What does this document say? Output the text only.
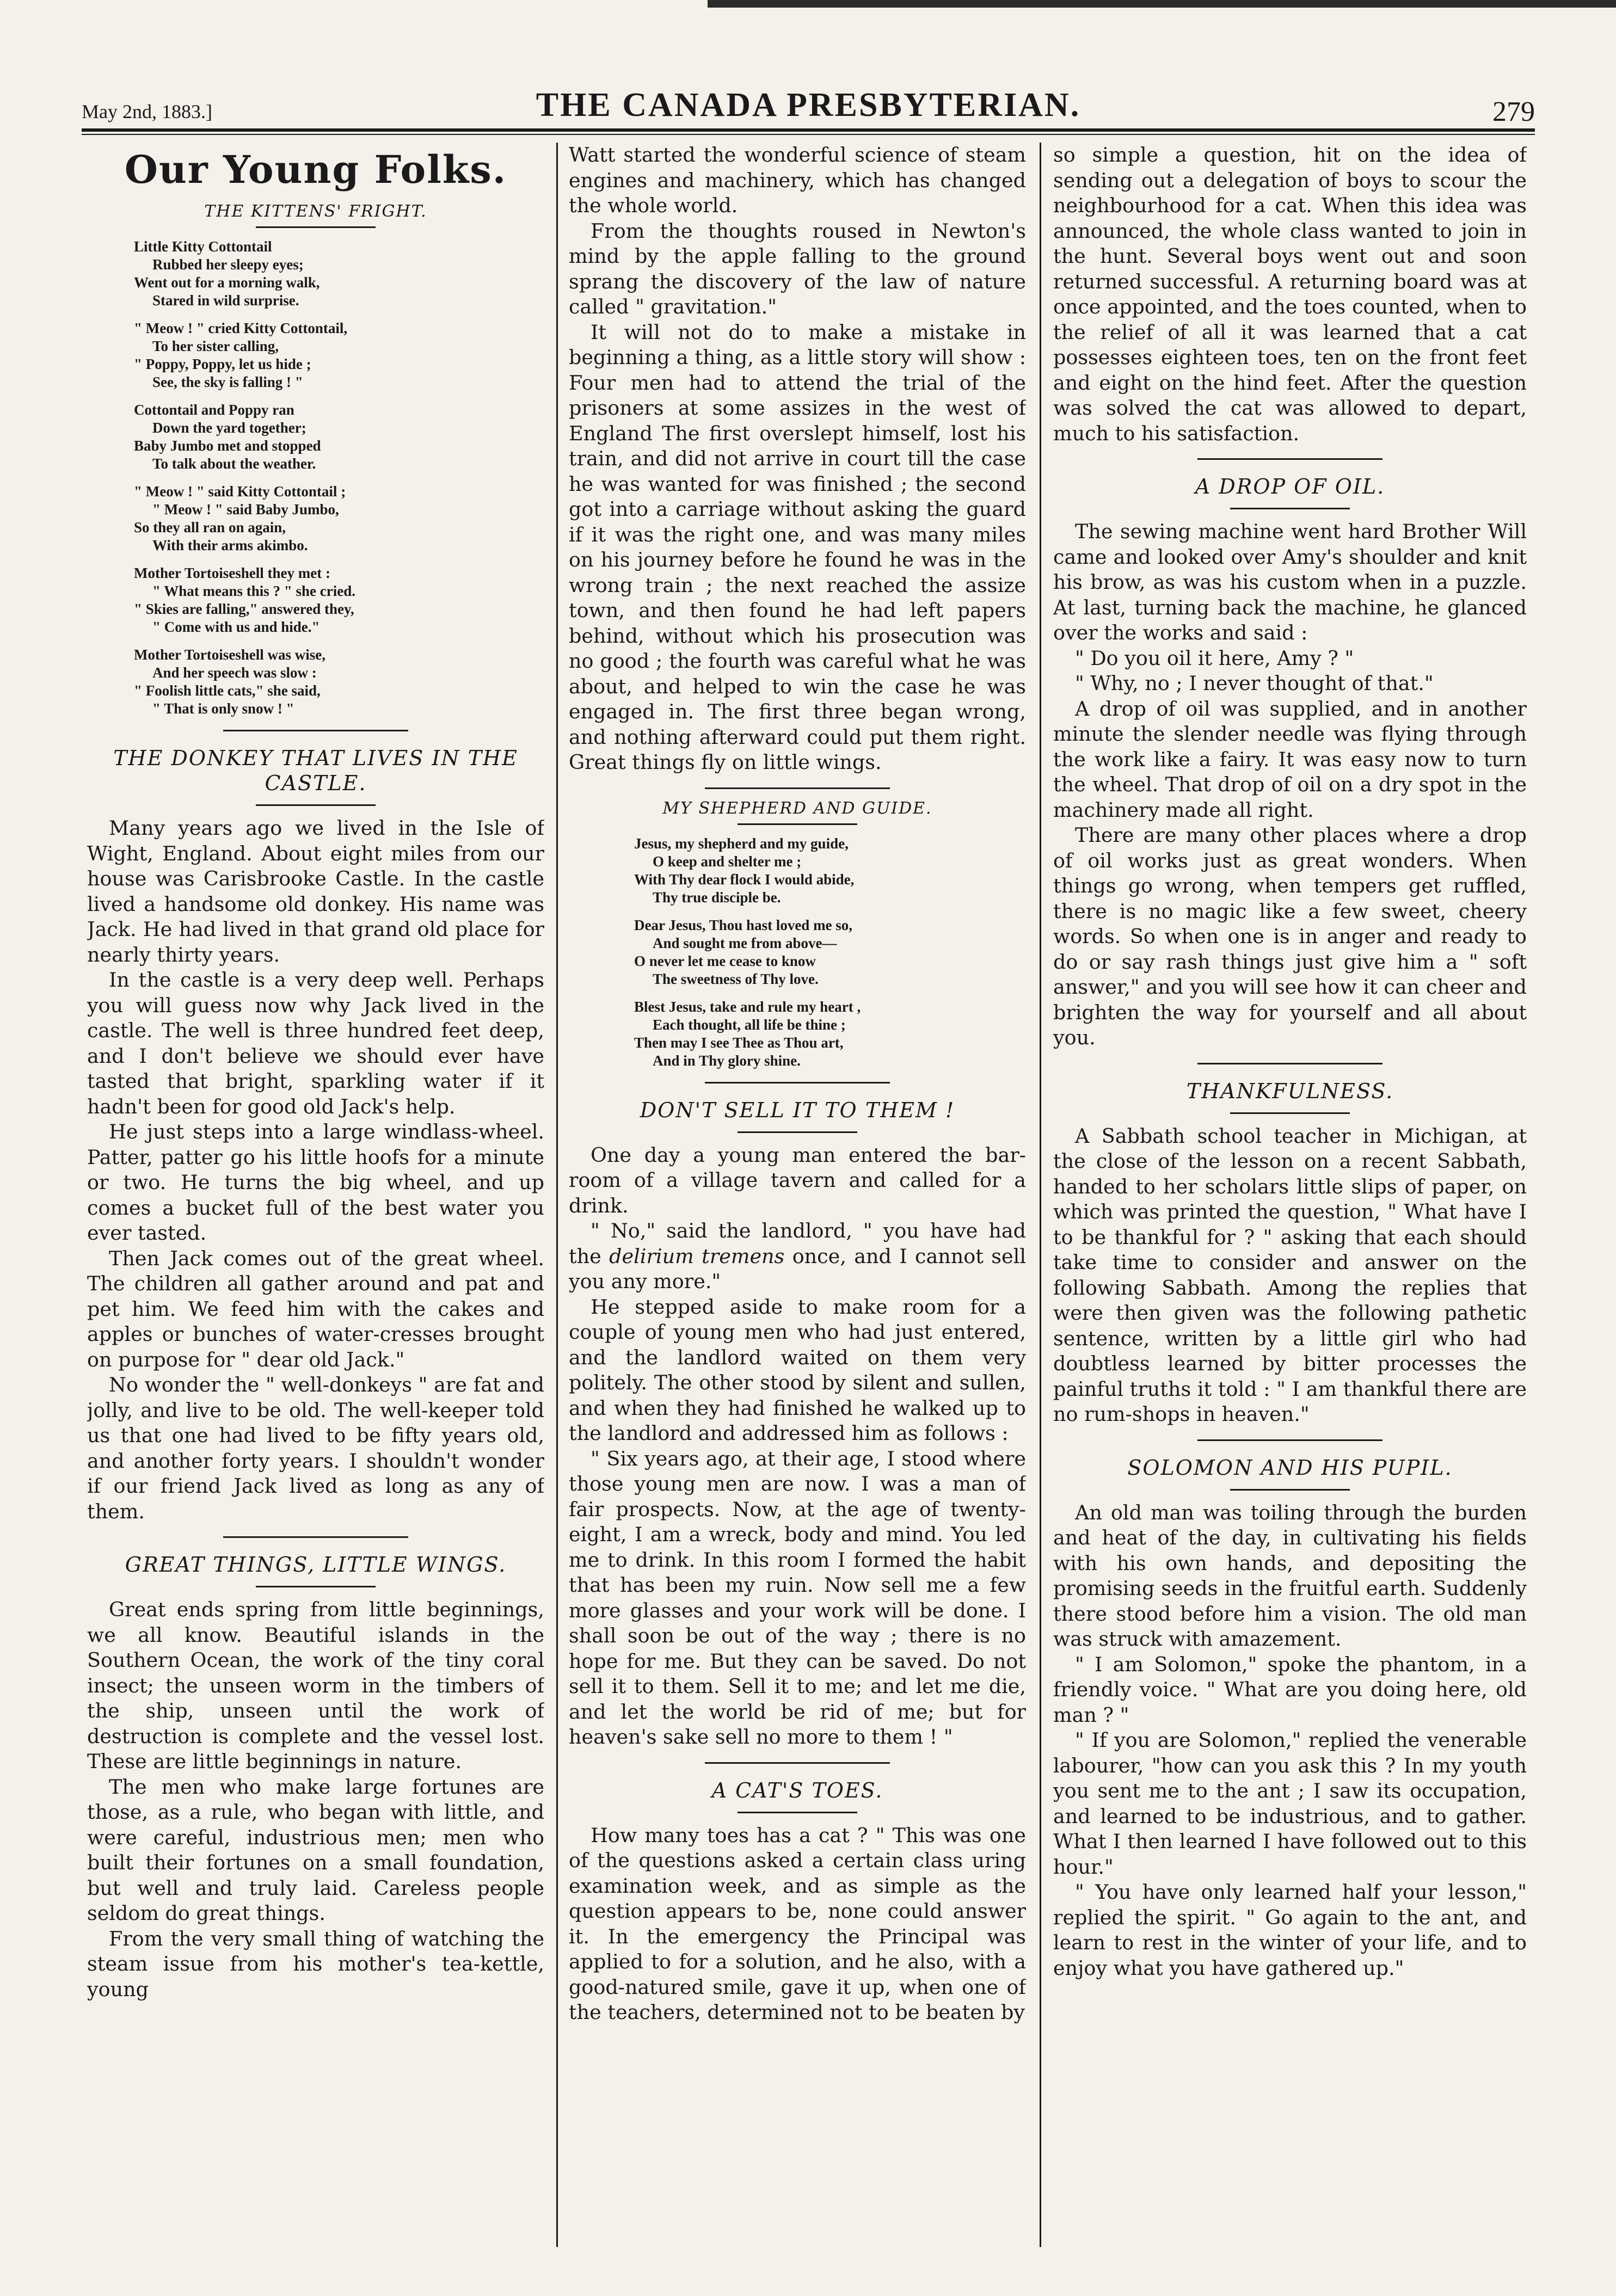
May 2nd, 1883.]	THE CANADA PRESBYTERIAN.	279
Our Young Folks.
THE KITTENS' FRIGHT.
Little Kitty Cottontail
Rubbed her sleepy eyes;
Went out for a morning walk,
Stared in wild surprise.
" Meow ! " cried Kitty Cottontail,
To her sister calling,
" Poppy, Poppy, let us hide ;
See, the sky is falling ! "
Cottontail and Poppy ran
Down the yard together;
Baby Jumbo met and stopped
To talk about the weather.
" Meow ! " said Kitty Cottontail ;
" Meow ! " said Baby Jumbo,
So they all ran on again,
With their arms akimbo.
Mother Tortoiseshell they met :
" What means this ? " she cried.
" Skies are falling," answered they,
" Come with us and hide."
Mother Tortoiseshell was wise,
And her speech was slow :
" Foolish little cats," she said,
" That is only snow ! "
THE DONKEY THAT LIVES IN THE CASTLE.

Many years ago we lived in the Isle of Wight, England. About eight miles from our house was Carisbrooke Castle. In the castle lived a handsome old donkey. His name was Jack. He had lived in that grand old place for nearly thirty years.

In the castle is a very deep well. Perhaps you will guess now why Jack lived in the castle. The well is three hundred feet deep, and I don't believe we should ever have tasted that bright, sparkling water if it hadn't been for good old Jack's help.

He just steps into a large windlass-wheel. Patter, patter go his little hoofs for a minute or two. He turns the big wheel, and up comes a bucket full of the best water you ever tasted.

Then Jack comes out of the great wheel. The children all gather around and pat and pet him. We feed him with the cakes and apples or bunches of water-cresses brought on purpose for " dear old Jack."

No wonder the " well-donkeys " are fat and jolly, and live to be old. The well-keeper told us that one had lived to be fifty years old, and another forty years. I shouldn't wonder if our friend Jack lived as long as any of them.

GREAT THINGS, LITTLE WINGS.

Great ends spring from little beginnings, we all know. Beautiful islands in the Southern Ocean, the work of the tiny coral insect; the unseen worm in the timbers of the ship, unseen until the work of destruction is complete and the vessel lost. These are little beginnings in nature.

The men who make large fortunes are those, as a rule, who began with little, and were careful, industrious men; men who built their fortunes on a small foundation, but well and truly laid. Careless people seldom do great things.

From the very small thing of watching the steam issue from his mother's tea-kettle, young

Watt started the wonderful science of steam engines and machinery, which has changed the whole world.

From the thoughts roused in Newton's mind by the apple falling to the ground sprang the discovery of the law of nature called " gravitation."

It will not do to make a mistake in beginning a thing, as a little story will show : Four men had to attend the trial of the prisoners at some assizes in the west of England The first overslept himself, lost his train, and did not arrive in court till the case he was wanted for was finished ; the second got into a carriage without asking the guard if it was the right one, and was many miles on his journey before he found he was in the wrong train ; the next reached the assize town, and then found he had left papers behind, without which his prosecution was no good ; the fourth was careful what he was about, and helped to win the case he was engaged in. The first three began wrong, and nothing afterward could put them right. Great things fly on little wings.

MY SHEPHERD AND GUIDE.
Jesus, my shepherd and my guide,
O keep and shelter me ;
With Thy dear flock I would abide,
Thy true disciple be.
Dear Jesus, Thou hast loved me so,
And sought me from above—
O never let me cease to know
The sweetness of Thy love.
Blest Jesus, take and rule my heart ,
Each thought, all life be thine ;
Then may I see Thee as Thou art,
And in Thy glory shine.
DON'T SELL IT TO THEM !

One day a young man entered the bar-room of a village tavern and called for a drink.

" No," said the landlord, " you have had the delirium tremens once, and I cannot sell you any more."

He stepped aside to make room for a couple of young men who had just entered, and the landlord waited on them very politely. The other stood by silent and sullen, and when they had finished he walked up to the landlord and addressed him as follows :

" Six years ago, at their age, I stood where those young men are now. I was a man of fair prospects. Now, at the age of twenty-eight, I am a wreck, body and mind. You led me to drink. In this room I formed the habit that has been my ruin. Now sell me a few more glasses and your work will be done. I shall soon be out of the way ; there is no hope for me. But they can be saved. Do not sell it to them. Sell it to me; and let me die, and let the world be rid of me; but for heaven's sake sell no more to them ! "

A CAT'S TOES.

How many toes has a cat ? " This was one of the questions asked a certain class uring examination week, and as simple as the question appears to be, none could answer it. In the emergency the Principal was applied to for a solution, and he also, with a good-natured smile, gave it up, when one of the teachers, determined not to be beaten by

so simple a question, hit on the idea of sending out a delegation of boys to scour the neighbourhood for a cat. When this idea was announced, the whole class wanted to join in the hunt. Several boys went out and soon returned successful. A returning board was at once appointed, and the toes counted, when to the relief of all it was learned that a cat possesses eighteen toes, ten on the front feet and eight on the hind feet. After the question was solved the cat was allowed to depart, much to his satisfaction.

A DROP OF OIL.

The sewing machine went hard Brother Will came and looked over Amy's shoulder and knit his brow, as was his custom when in a puzzle. At last, turning back the machine, he glanced over the works and said :

" Do you oil it here, Amy ? "

" Why, no ; I never thought of that."

A drop of oil was supplied, and in another minute the slender needle was flying through the work like a fairy. It was easy now to turn the wheel. That drop of oil on a dry spot in the machinery made all right.

There are many other places where a drop of oil works just as great wonders. When things go wrong, when tempers get ruffled, there is no magic like a few sweet, cheery words. So when one is in anger and ready to do or say rash things just give him a " soft answer," and you will see how it can cheer and brighten the way for yourself and all about you.

THANKFULNESS.

A Sabbath school teacher in Michigan, at the close of the lesson on a recent Sabbath, handed to her scholars little slips of paper, on which was printed the question, " What have I to be thankful for ? " asking that each should take time to consider and answer on the following Sabbath. Among the replies that were then given was the following pathetic sentence, written by a little girl who had doubtless learned by bitter processes the painful truths it told : " I am thankful there are no rum-shops in heaven."

SOLOMON AND HIS PUPIL.

An old man was toiling through the burden and heat of the day, in cultivating his fields with his own hands, and depositing the promising seeds in the fruitful earth. Suddenly there stood before him a vision. The old man was struck with amazement.

" I am Solomon," spoke the phantom, in a friendly voice. " What are you doing here, old man ? "

" If you are Solomon," replied the venerable labourer, "how can you ask this ? In my youth you sent me to the ant ; I saw its occupation, and learned to be industrious, and to gather. What I then learned I have followed out to this hour."

" You have only learned half your lesson," replied the spirit. " Go again to the ant, and learn to rest in the winter of your life, and to enjoy what you have gathered up."
